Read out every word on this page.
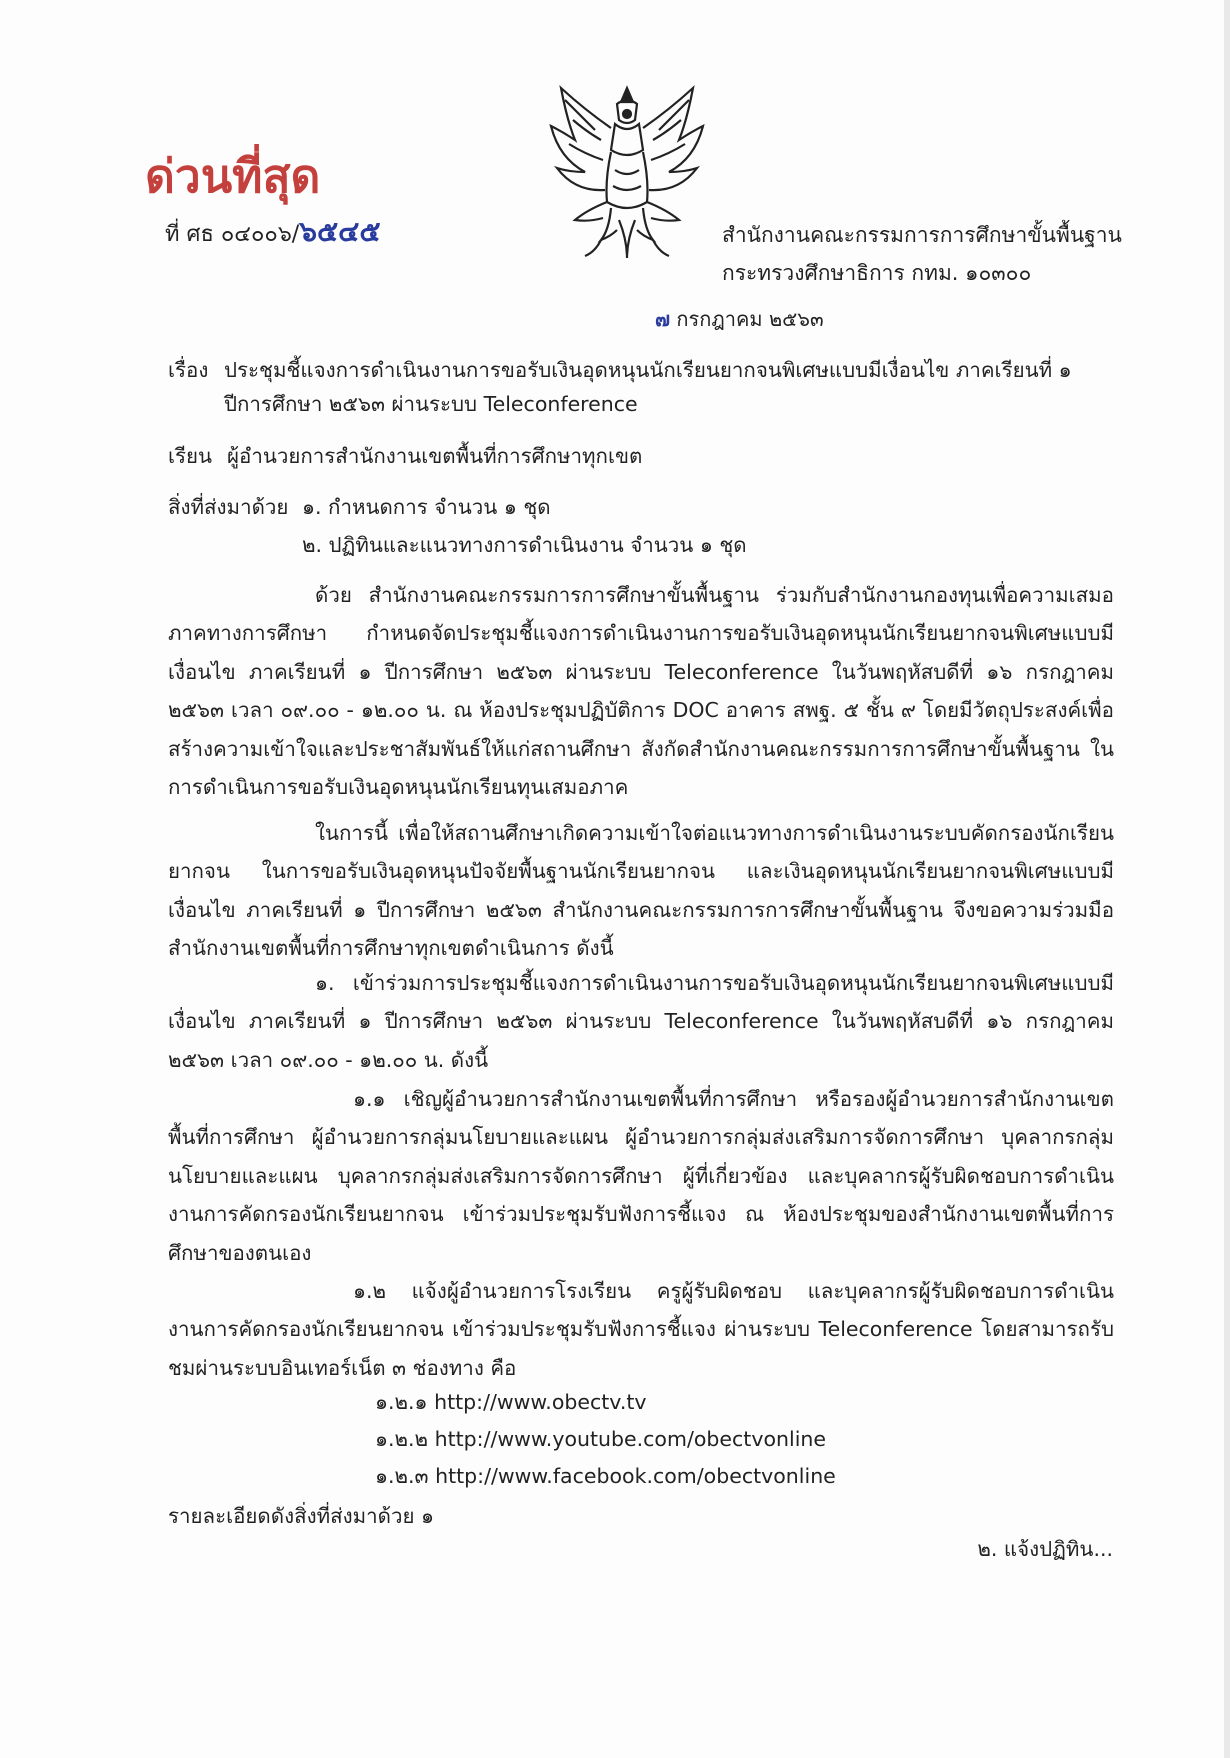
ด่วนที่สุด
ที่ ศธ ๐๔๐๐๖/๖๕๔๕	สำนักงานคณะกรรมการการศึกษาขั้นพื้นฐาน
กระทรวงศึกษาธิการ กทม. ๑๐๓๐๐
๗ กรกฎาคม ๒๕๖๓
เรื่อง ประชุมชี้แจงการดำเนินงานการขอรับเงินอุดหนุนนักเรียนยากจนพิเศษแบบมีเงื่อนไข ภาคเรียนที่ ๑
ปีการศึกษา ๒๕๖๓ ผ่านระบบ Teleconference
เรียน ผู้อำนวยการสำนักงานเขตพื้นที่การศึกษาทุกเขต
สิ่งที่ส่งมาด้วย ๑. กำหนดการ จำนวน ๑ ชุด
๒. ปฏิทินและแนวทางการดำเนินงาน จำนวน ๑ ชุด
ด้วย สำนักงานคณะกรรมการการศึกษาขั้นพื้นฐาน ร่วมกับสำนักงานกองทุนเพื่อความเสมอภาคทางการศึกษา กำหนดจัดประชุมชี้แจงการดำเนินงานการขอรับเงินอุดหนุนนักเรียนยากจนพิเศษแบบมีเงื่อนไข ภาคเรียนที่ ๑ ปีการศึกษา ๒๕๖๓ ผ่านระบบ Teleconference ในวันพฤหัสบดีที่ ๑๖ กรกฎาคม ๒๕๖๓ เวลา ๐๙.๐๐ - ๑๒.๐๐ น. ณ ห้องประชุมปฏิบัติการ DOC อาคาร สพฐ. ๕ ชั้น ๙ โดยมีวัตถุประสงค์เพื่อสร้างความเข้าใจและประชาสัมพันธ์ให้แก่สถานศึกษา สังกัดสำนักงานคณะกรรมการการศึกษาขั้นพื้นฐาน ในการดำเนินการขอรับเงินอุดหนุนนักเรียนทุนเสมอภาค
ในการนี้ เพื่อให้สถานศึกษาเกิดความเข้าใจต่อแนวทางการดำเนินงานระบบคัดกรองนักเรียนยากจน ในการขอรับเงินอุดหนุนปัจจัยพื้นฐานนักเรียนยากจน และเงินอุดหนุนนักเรียนยากจนพิเศษแบบมีเงื่อนไข ภาคเรียนที่ ๑ ปีการศึกษา ๒๕๖๓ สำนักงานคณะกรรมการการศึกษาขั้นพื้นฐาน จึงขอความร่วมมือสำนักงานเขตพื้นที่การศึกษาทุกเขตดำเนินการ ดังนี้
๑. เข้าร่วมการประชุมชี้แจงการดำเนินงานการขอรับเงินอุดหนุนนักเรียนยากจนพิเศษแบบมีเงื่อนไข ภาคเรียนที่ ๑ ปีการศึกษา ๒๕๖๓ ผ่านระบบ Teleconference ในวันพฤหัสบดีที่ ๑๖ กรกฎาคม ๒๕๖๓ เวลา ๐๙.๐๐ - ๑๒.๐๐ น. ดังนี้
๑.๑ เชิญผู้อำนวยการสำนักงานเขตพื้นที่การศึกษา หรือรองผู้อำนวยการสำนักงานเขตพื้นที่การศึกษา ผู้อำนวยการกลุ่มนโยบายและแผน ผู้อำนวยการกลุ่มส่งเสริมการจัดการศึกษา บุคลากรกลุ่มนโยบายและแผน บุคลากรกลุ่มส่งเสริมการจัดการศึกษา ผู้ที่เกี่ยวข้อง และบุคลากรผู้รับผิดชอบการดำเนินงานการคัดกรองนักเรียนยากจน เข้าร่วมประชุมรับฟังการชี้แจง ณ ห้องประชุมของสำนักงานเขตพื้นที่การศึกษาของตนเอง
๑.๒ แจ้งผู้อำนวยการโรงเรียน ครูผู้รับผิดชอบ และบุคลากรผู้รับผิดชอบการดำเนินงานการคัดกรองนักเรียนยากจน เข้าร่วมประชุมรับฟังการชี้แจง ผ่านระบบ Teleconference โดยสามารถรับชมผ่านระบบอินเทอร์เน็ต ๓ ช่องทาง คือ
๑.๒.๑ http://www.obectv.tv
๑.๒.๒ http://www.youtube.com/obectvonline
๑.๒.๓ http://www.facebook.com/obectvonline
รายละเอียดดังสิ่งที่ส่งมาด้วย ๑
๒. แจ้งปฏิทิน...
